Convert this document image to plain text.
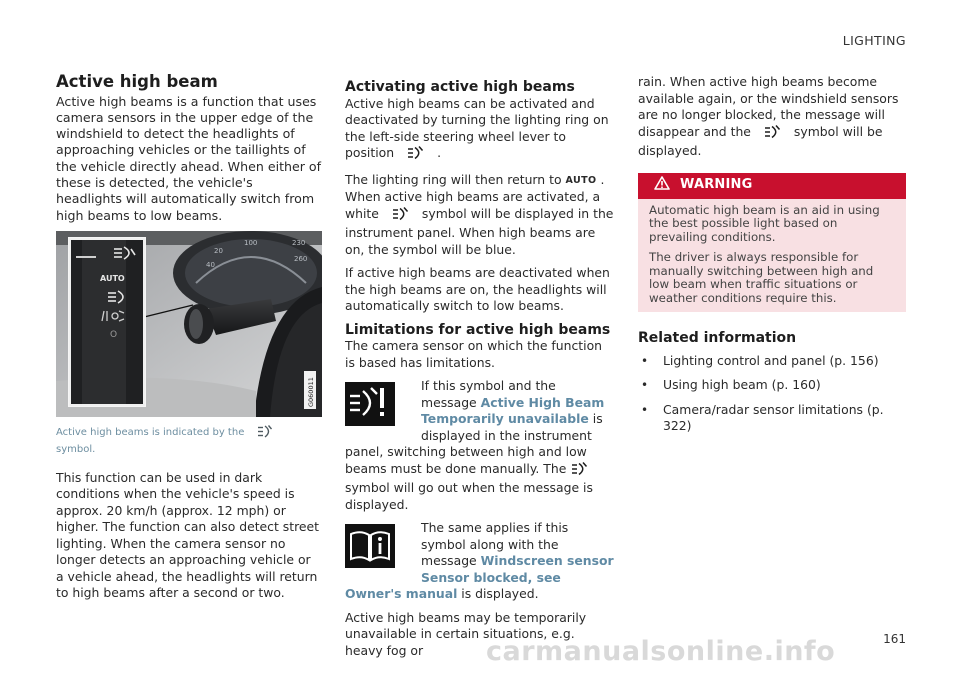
LIGHTING
Active high beam

Active high beams is a function that uses camera sensors in the upper edge of the windshield to detect the headlights of approaching vehicles or the taillights of the vehicle directly ahead. When either of these is detected, the vehicle's headlights will automatically switch from high beams to low beams.

20
100	230
260
40
AUTO
O
G060011

Active high beams is indicated by thesymbol.

This function can be used in dark conditions when the vehicle's speed is approx. 20 km/h (approx. 12 mph) or higher. The function can also detect street lighting. When the camera sensor no longer detects an approaching vehicle or a vehicle ahead, the headlights will return to high beams after a second or two.

Activating active high beams

Active high beams can be activated and deactivated by turning the lighting ring on the left-side steering wheel lever to position	.

The lighting ring will then return to AUTO . When active high beams are activated, a white	symbol will be displayed in the instrument panel. When high beams are on, the symbol will be blue.

If active high beams are deactivated when the high beams are on, the headlights will automatically switch to low beams.

Limitations for active high beams

The camera sensor on which the function is based has limitations.

If this symbol and the message Active High Beam Temporarily unavailable is displayed in the instrument panel, switching between high and low beams must be done manually. Thesymbol will go out when the message is displayed.

The same applies if this symbol along with the message Windscreen sensor Sensor blocked, see Owner's manual is displayed.

Active high beams may be temporarily unavailable in certain situations, e.g. heavy fog or

rain. When active high beams become available again, or the windshield sensors are no longer blocked, the message will disappear and the	symbol will be displayed.

WARNING

Automatic high beam is an aid in using the best possible light based on prevailing conditions.

The driver is always responsible for manually switching between high and low beam when traffic situations or weather conditions require this.

Related information
• Lighting control and panel (p. 156)
• Using high beam (p. 160)
• Camera/radar sensor limitations (p. 322)
161
carmanualsonline.info
